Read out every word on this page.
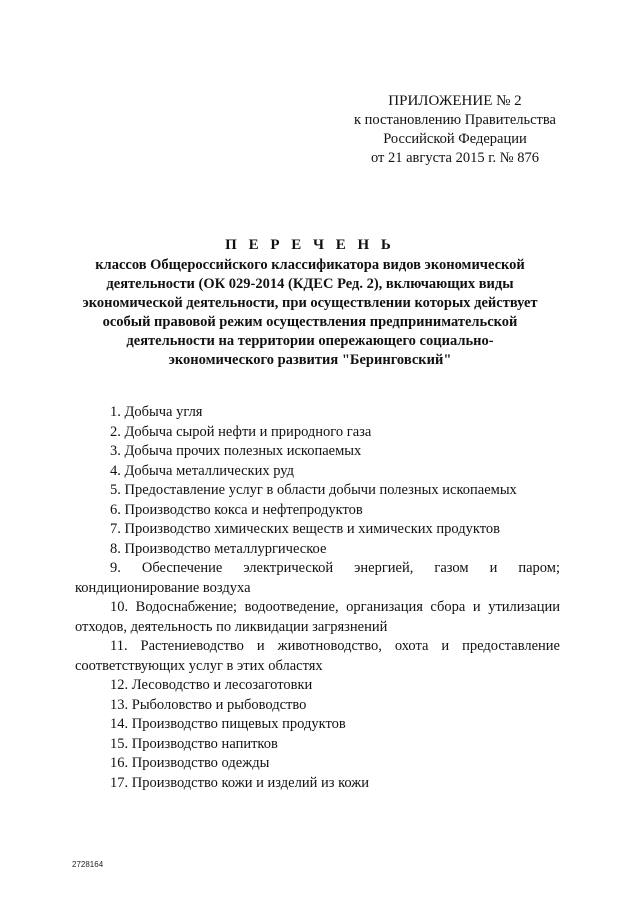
ПРИЛОЖЕНИЕ № 2
к постановлению Правительства
Российской Федерации
от 21 августа 2015 г. № 876
П Е Р Е Ч Е Н Ь
классов Общероссийского классификатора видов экономической
деятельности (ОК 029-2014 (КДЕС Ред. 2), включающих виды
экономической деятельности, при осуществлении которых действует
особый правовой режим осуществления предпринимательской
деятельности на территории опережающего социально-
экономического развития "Беринговский"
1. Добыча угля
2. Добыча сырой нефти и природного газа
3. Добыча прочих полезных ископаемых
4. Добыча металлических руд
5. Предоставление услуг в области добычи полезных ископаемых
6. Производство кокса и нефтепродуктов
7. Производство химических веществ и химических продуктов
8. Производство металлургическое
9. Обеспечение электрической энергией, газом и паром;
кондиционирование воздуха
10. Водоснабжение; водоотведение, организация сбора и утилизации
отходов, деятельность по ликвидации загрязнений
11. Растениеводство и животноводство, охота и предоставление
соответствующих услуг в этих областях
12. Лесоводство и лесозаготовки
13. Рыболовство и рыбоводство
14. Производство пищевых продуктов
15. Производство напитков
16. Производство одежды
17. Производство кожи и изделий из кожи
2728164
